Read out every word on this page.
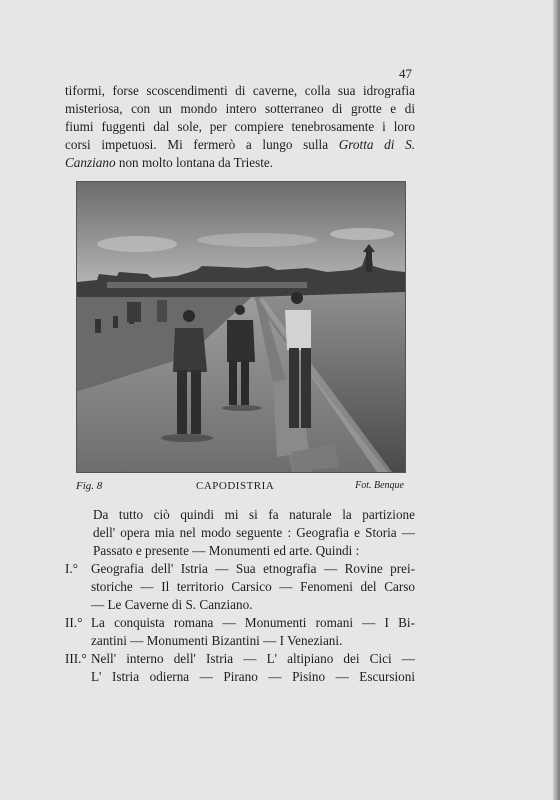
47
tiformi, forse scoscendimenti di caverne, colla sua idrografia
misteriosa, con un mondo intero sotterraneo di grotte e di
fiumi fuggenti dal sole, per compiere tenebrosamente i loro
corsi impetuosi. Mi fermerò a lungo sulla Grotta di S.
Canziano non molto lontana da Trieste.
Fig. 8	CAPODISTRIA	Fot. Benque
Da tutto ciò quindi mi si fa naturale la partizione
dell' opera mia nel modo seguente : Geografia e Storia —
Passato e presente — Monumenti ed arte. Quindi :
I.° Geografia dell' Istria — Sua etnografia — Rovine prei-
storiche — Il territorio Carsico — Fenomeni del Carso
— Le Caverne di S. Canziano.
II.° La conquista romana — Monumenti romani — I Bi-
zantini — Monumenti Bizantini — I Veneziani.
III.° Nell' interno dell' Istria — L' altipiano dei Cici —
L' Istria odierna — Pirano — Pisino — Escursioni
